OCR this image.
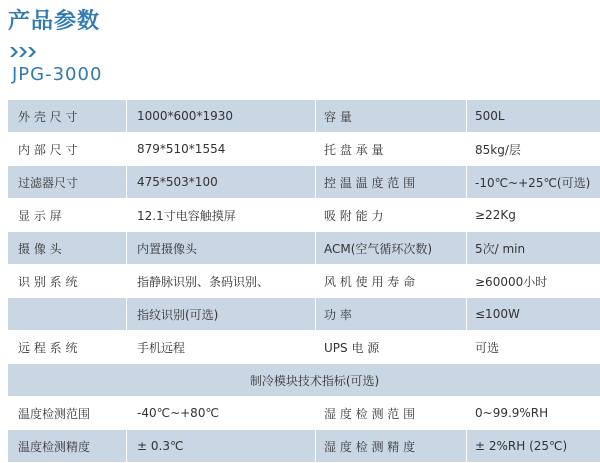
产品参数
JPG-3000
外 壳 尺 寸	1000*600*1930	容 量	500L
内 部 尺 寸	879*510*1554	托 盘 承 量	85kg/层
过滤器尺寸	475*503*100	控 温 温 度 范 围	-10℃~+25℃(可选)
显 示 屏	12.1寸电容触摸屏	吸 附 能 力	≥22Kg
摄 像 头	内置摄像头	ACM(空气循环次数)	5次/ min
识 别 系 统	指静脉识别、条码识别、	风 机 使 用 寿 命	≥60000小时
	指纹识别(可选)	功 率	≤100W
远 程 系 统	手机远程	UPS 电 源	可选
制冷模块技术指标(可选)			
温度检测范围	-40℃~+80℃	湿 度 检 测 范 围	0~99.9%RH
温度检测精度	± 0.3℃	湿 度 检 测 精 度	± 2%RH (25℃)
